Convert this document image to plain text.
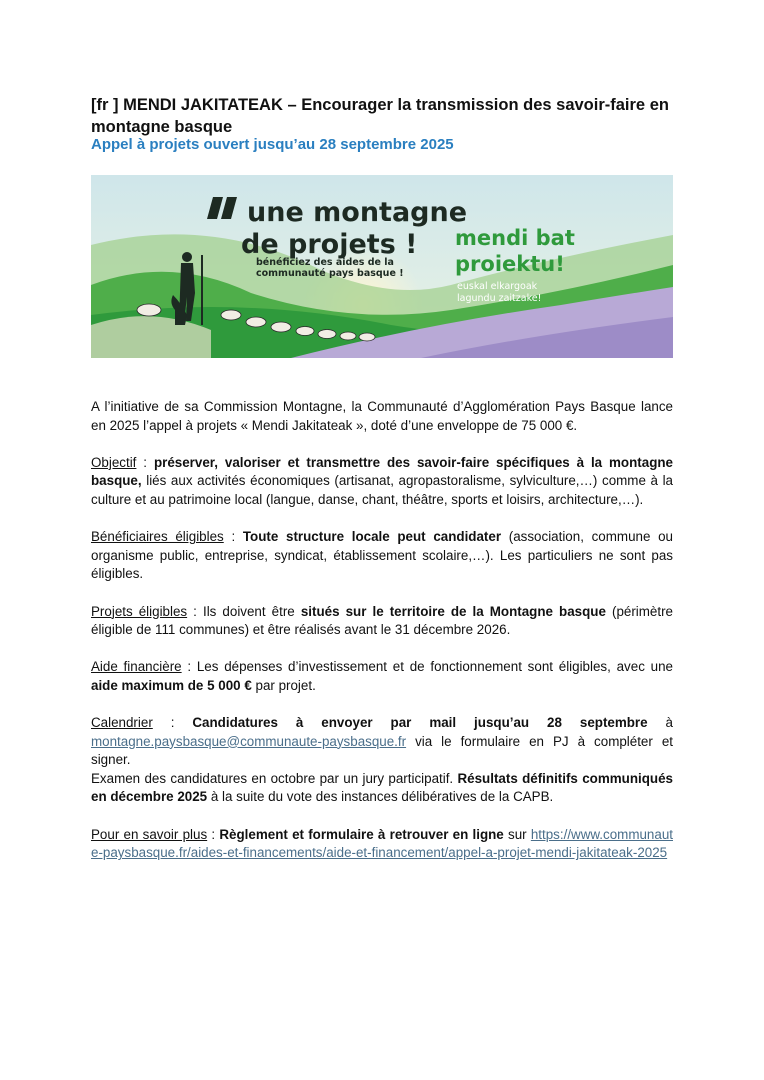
[fr ] MENDI JAKITATEAK – Encourager la transmission des savoir-faire en montagne basque
Appel à projets ouvert jusqu’au 28 septembre 2025
une montagne
de projets !
bénéficiez des aides de la
communauté pays basque !
mendi bat
proiektu!
euskal elkargoak
lagundu zaitzake!

A l’initiative de sa Commission Montagne, la Communauté d’Agglomération Pays Basque lance en 2025 l’appel à projets « Mendi Jakitateak », doté d’une enveloppe de 75 000 €.

Objectif : préserver, valoriser et transmettre des savoir-faire spécifiques à la montagne basque, liés aux activités économiques (artisanat, agropastoralisme, sylviculture,…) comme à la culture et au patrimoine local (langue, danse, chant, théâtre, sports et loisirs, architecture,…).

Bénéficiaires éligibles : Toute structure locale peut candidater (association, commune ou organisme public, entreprise, syndicat, établissement scolaire,…). Les particuliers ne sont pas éligibles.

Projets éligibles : Ils doivent être situés sur le territoire de la Montagne basque (périmètre éligible de 111 communes) et être réalisés avant le 31 décembre 2026.

Aide financière : Les dépenses d’investissement et de fonctionnement sont éligibles, avec une aide maximum de 5 000 € par projet.

Calendrier : Candidatures à envoyer par mail jusqu’au 28 septembre à montagne.paysbasque@communaute-paysbasque.fr via le formulaire en PJ à compléter et signer.

Examen des candidatures en octobre par un jury participatif. Résultats définitifs communiqués en décembre 2025 à la suite du vote des instances délibératives de la CAPB.

Pour en savoir plus : Règlement et formulaire à retrouver en ligne sur https://www.communaute-paysbasque.fr/aides-et-financements/aide-et-financement/appel-a-projet-mendi-jakitateak-2025
